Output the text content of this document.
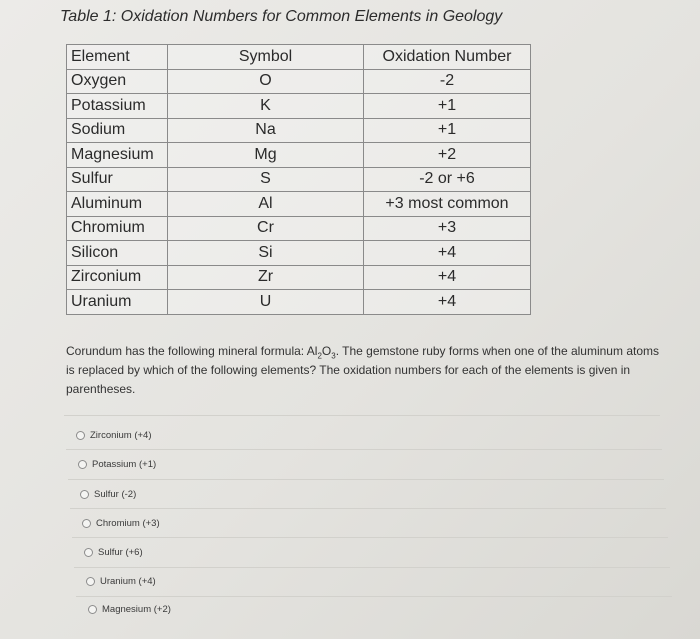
Table 1: Oxidation Numbers for Common Elements in Geology
Element	Symbol	Oxidation Number
Oxygen	O	-2
Potassium	K	+1
Sodium	Na	+1
Magnesium	Mg	+2
Sulfur	S	-2 or +6
Aluminum	Al	+3 most common
Chromium	Cr	+3
Silicon	Si	+4
Zirconium	Zr	+4
Uranium	U	+4
Corundum has the following mineral formula: $Al_2O_3$. The gemstone ruby forms when one of the aluminum atoms is replaced by which of the following elements? The oxidation numbers for each of the elements is given in parentheses.
Zirconium (+4)
Potassium (+1)
Sulfur (-2)
Chromium (+3)
Sulfur (+6)
Uranium (+4)
Magnesium (+2)
